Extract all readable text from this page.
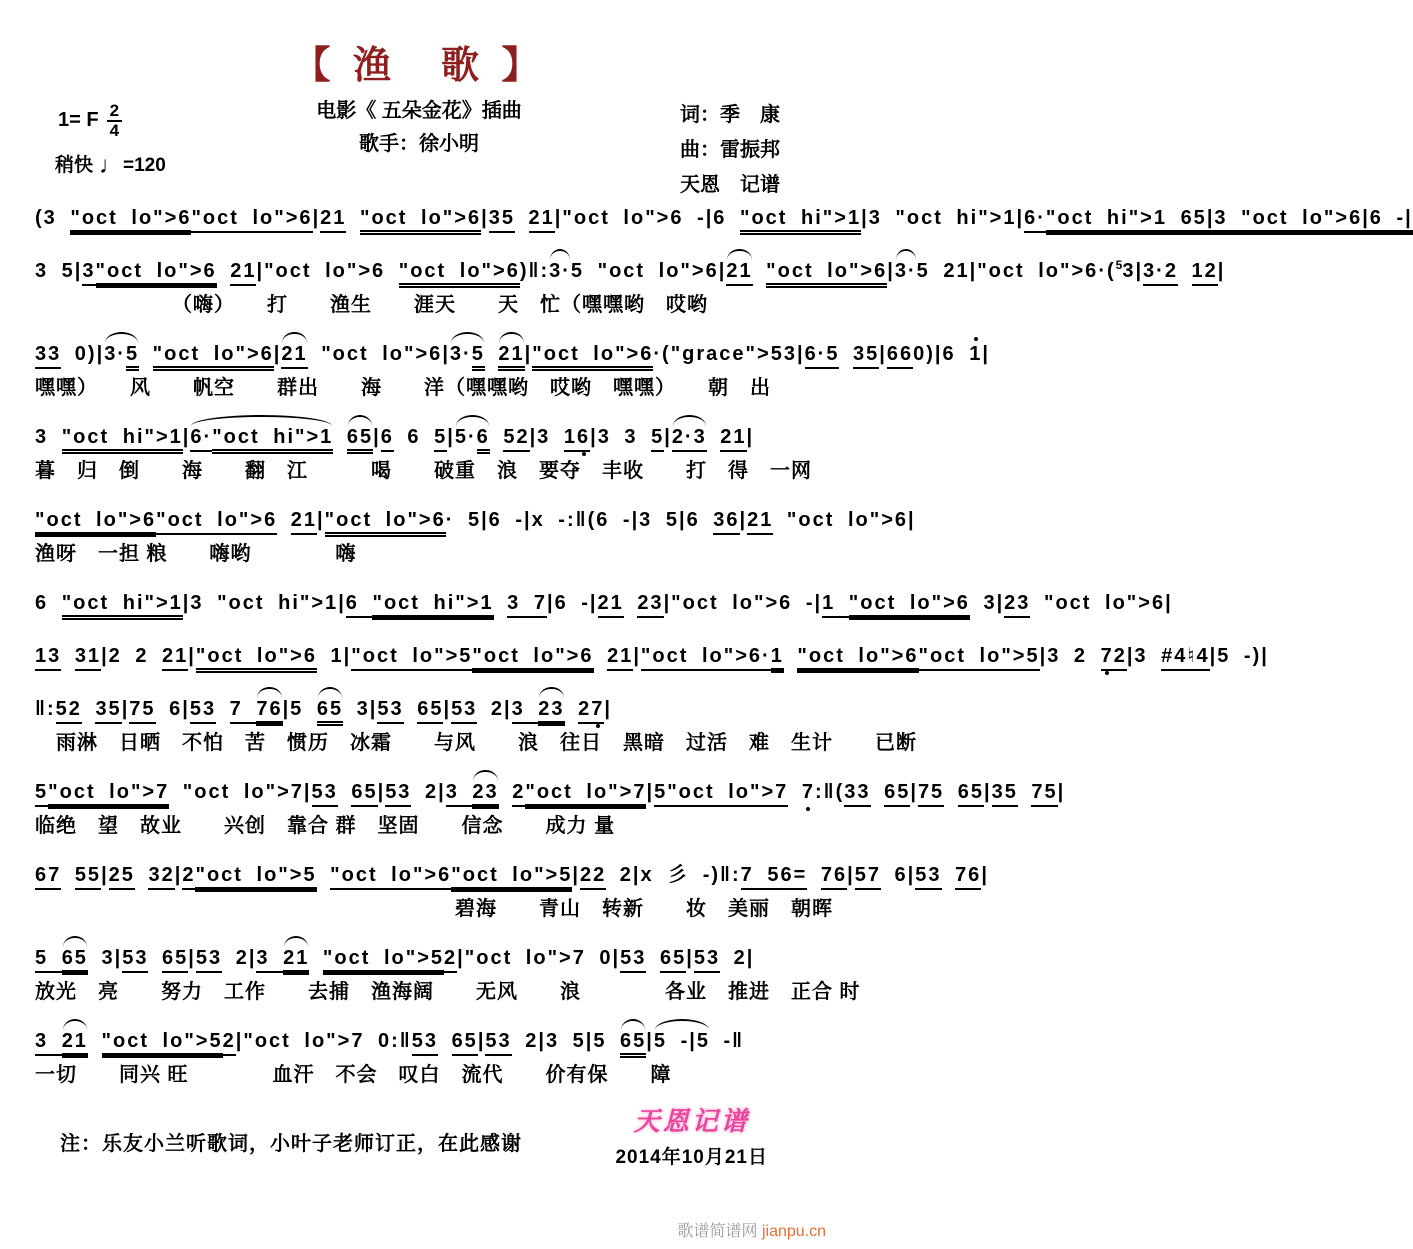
【 渔　歌 】
电影《 五朵金花》插曲
歌手：徐小明
词：季　康
曲：雷振邦
天恩　记谱
1= F $\frac{2}{4}$
稍快 ♩=120
(3 "oct lo">6"oct lo">6|21 "oct lo">6|35 21|"oct lo">6 -|6 "oct hi">1|3 "oct hi">1|6·"oct hi">1 65|3 "oct lo">6|6 -|
3 5|3"oct lo">6 21|"oct lo">6 "oct lo">6)‖:3·5 "oct lo">6|21 "oct lo">6|3·5 21|"oct lo">6·($^5$3|3·2 12|
　　　　　　　（嗨）　　打　　渔生　　涯天　　天　忙（嘿嘿哟　哎哟
33 0)|3·5 "oct lo">6|21 "oct lo">6|3·5 21|"oct lo">6·("grace">53|6·5 35|660)|6 1|
嘿嘿）　　风　　帆空　　群出　　海　　洋（嘿嘿哟　哎哟　嘿嘿）　　朝　出
3 "oct hi">1|6·"oct hi">1 65|6 6 5|5·6 52|3 16|3 3 5|2·3 21|
暮　归　倒　　海　　翻　江　　　喝　　破重　浪　要夺　丰收　　打　得　一网
"oct lo">6"oct lo">6 21|"oct lo">6· 5|6 -|x -:‖(6 -|3 5|6 36|21 "oct lo">6|
渔呀　一担 粮　　嗨哟　　　　嗨
6 "oct hi">1|3 "oct hi">1|6 "oct hi">1 3 7|6 -|21 23|"oct lo">6 -|1 "oct lo">6 3|23 "oct lo">6|
13 31|2 2 21|"oct lo">6 1|"oct lo">5"oct lo">6 21|"oct lo">6·1 "oct lo">6"oct lo">5|3 2 72|3 #4♮4|5 -)|
‖:52 35|75 6|53 7 76|5 65 3|53 65|53 2|3 23 27|
　雨淋　日晒　不怕　苦　惯历　冰霜　　与风　　浪　往日　黑暗　过活　难　生计　　已断
5"oct lo">7 "oct lo">7|53 65|53 2|3 23 2"oct lo">7|5"oct lo">7 7:‖(33 65|75 65|35 75|
临绝　望　故业　　兴创　靠合 群　坚固　　信念　　成力 量
67 55|25 32|2"oct lo">5 "oct lo">6"oct lo">5|22 2|x 彡 -)‖:7 56= 76|57 6|53 76|
　　　　　　　　　　　　　　　　　　　　碧海　　青山　转新　　妆　美丽　朝晖
5 65 3|53 65|53 2|3 21 "oct lo">52|"oct lo">7 0|53 65|53 2|
放光　亮　　努力　工作　　去捕　渔海阔　　无风　　浪　　　　各业　推进　正合 时
3 21 "oct lo">52|"oct lo">7 0:‖53 65|53 2|3 5|5 65|5 -|5 -‖
一切　　同兴 旺　　　　血汗　不会　叹白　流代　　价有保　　障
注：乐友小兰听歌词，小叶子老师订正，在此感谢
天恩记谱
2014年10月21日
歌谱简谱网 jianpu.cn
